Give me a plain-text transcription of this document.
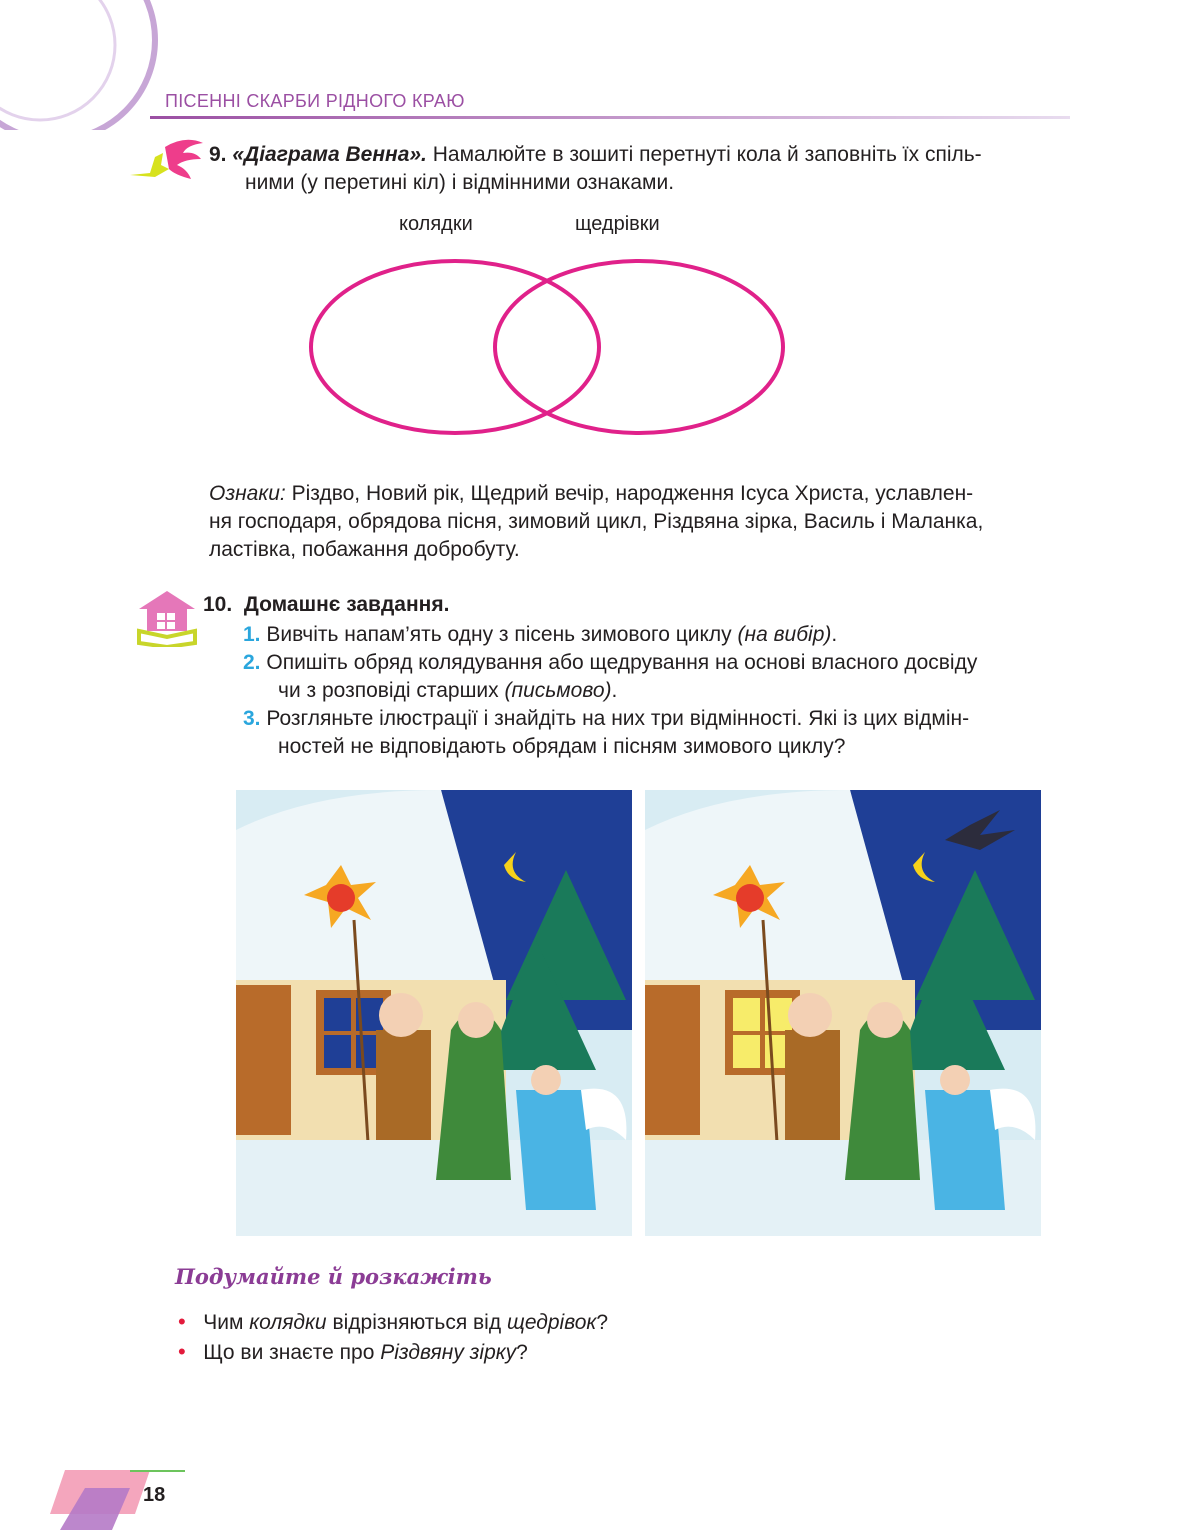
ПІСЕННІ СКАРБИ РІДНОГО КРАЮ
9. «Діаграма Венна». Намалюйте в зошиті перетнуті кола й заповніть їх спіль-
ними (у перетині кіл) і відмінними ознаками.
колядки	щедрівки
Ознаки: Різдво, Новий рік, Щедрий вечір, народження Ісуса Христа, уславлен-
ня господаря, обрядова пісня, зимовий цикл, Різдвяна зірка, Василь і Маланка,
ластівка, побажання добробуту.
10. Домашнє завдання.
1. Вивчіть напам’ять одну з пісень зимового циклу (на вибір).
2. Опишіть обряд колядування або щедрування на основі власного досвіду
чи з розповіді старших (письмово).
3. Розгляньте ілюстрації і знайдіть на них три відмінності. Які із цих відмін-
ностей не відповідають обрядам і пісням зимового циклу?
Подумайте й розкажіть
• Чим колядки відрізняються від щедрівок?
• Що ви знаєте про Різдвяну зірку?
18
